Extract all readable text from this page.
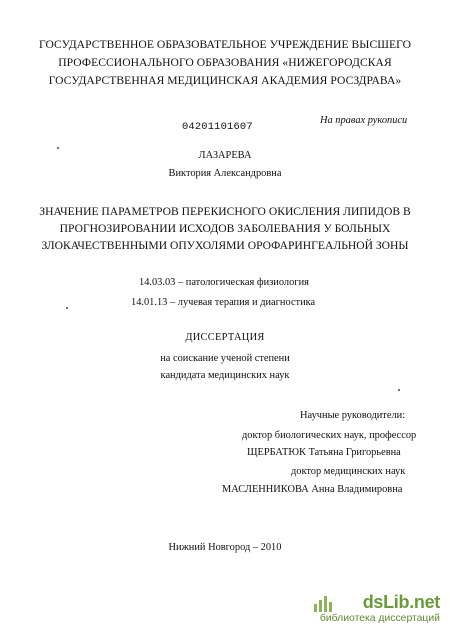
ГОСУДАРСТВЕННОЕ ОБРАЗОВАТЕЛЬНОЕ УЧРЕЖДЕНИЕ ВЫСШЕГО
ПРОФЕССИОНАЛЬНОГО ОБРАЗОВАНИЯ «НИЖЕГОРОДСКАЯ
ГОСУДАРСТВЕННАЯ МЕДИЦИНСКАЯ АКАДЕМИЯ РОСЗДРАВА»
04201101607
На правах рукописи
ЛАЗАРЕВА
Виктория Александровна
ЗНАЧЕНИЕ ПАРАМЕТРОВ ПЕРЕКИСНОГО ОКИСЛЕНИЯ ЛИПИДОВ В
ПРОГНОЗИРОВАНИИ ИСХОДОВ ЗАБОЛЕВАНИЯ У БОЛЬНЫХ
ЗЛОКАЧЕСТВЕННЫМИ ОПУХОЛЯМИ ОРОФАРИНГЕАЛЬНОЙ ЗОНЫ
14.03.03 – патологическая физиология
14.01.13 – лучевая терапия и диагностика
ДИССЕРТАЦИЯ
на соискание ученой степени
кандидата медицинских наук
Научные руководители:
доктор биологических наук, профессор
ЩЕРБАТЮК Татьяна Григорьевна
доктор медицинских наук
МАСЛЕННИКОВА Анна Владимировна
Нижний Новгород – 2010
dsLib.net
библиотека диссертаций
